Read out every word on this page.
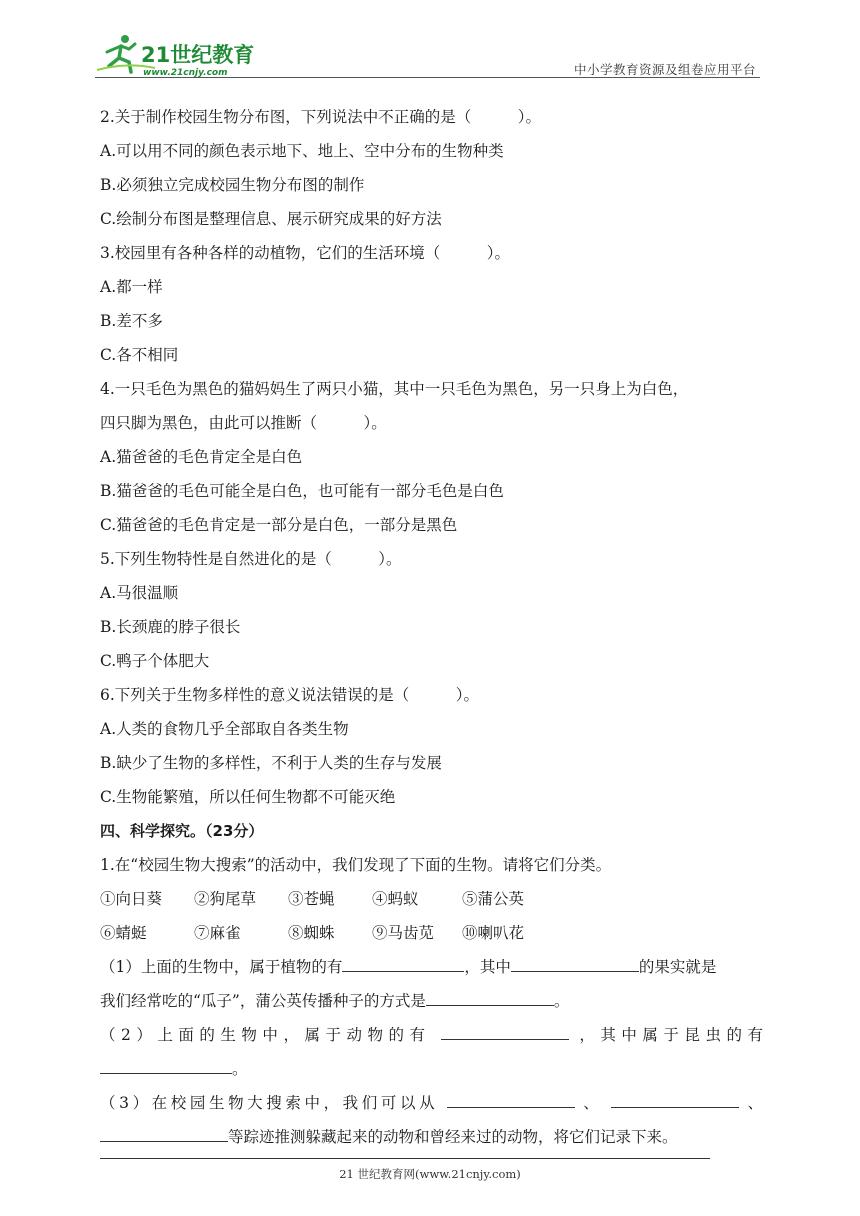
21世纪教育
www.21cnjy.com	中小学教育资源及组卷应用平台
2.关于制作校园生物分布图，下列说法中不正确的是（　　　）。
A.可以用不同的颜色表示地下、地上、空中分布的生物种类
B.必须独立完成校园生物分布图的制作
C.绘制分布图是整理信息、展示研究成果的好方法
3.校园里有各种各样的动植物，它们的生活环境（　　　）。
A.都一样
B.差不多
C.各不相同
4.一只毛色为黑色的猫妈妈生了两只小猫，其中一只毛色为黑色，另一只身上为白色，
四只脚为黑色，由此可以推断（　　　）。
A.猫爸爸的毛色肯定全是白色
B.猫爸爸的毛色可能全是白色，也可能有一部分毛色是白色
C.猫爸爸的毛色肯定是一部分是白色，一部分是黑色
5.下列生物特性是自然进化的是（　　　）。
A.马很温顺
B.长颈鹿的脖子很长
C.鸭子个体肥大
6.下列关于生物多样性的意义说法错误的是（　　　）。
A.人类的食物几乎全部取自各类生物
B.缺少了生物的多样性，不利于人类的生存与发展
C.生物能繁殖，所以任何生物都不可能灭绝
四、科学探究。（23分）
1.在“校园生物大搜索”的活动中，我们发现了下面的生物。请将它们分类。
①向日葵	②狗尾草	③苍蝇	④蚂蚁	⑤蒲公英
⑥蜻蜓	⑦麻雀	⑧蜘蛛	⑨马齿苋	⑩喇叭花
（1）上面的生物中，属于植物的有	，其中	的果实就是
我们经常吃的“瓜子”，蒲公英传播种子的方式是	。
（2）上面的生物中，属于动物的有	，其中属于昆虫的有
。
（3）在校园生物大搜索中，我们可以从	、	、
等踪迹推测躲藏起来的动物和曾经来过的动物，将它们记录下来。
21 世纪教育网(www.21cnjy.com)
